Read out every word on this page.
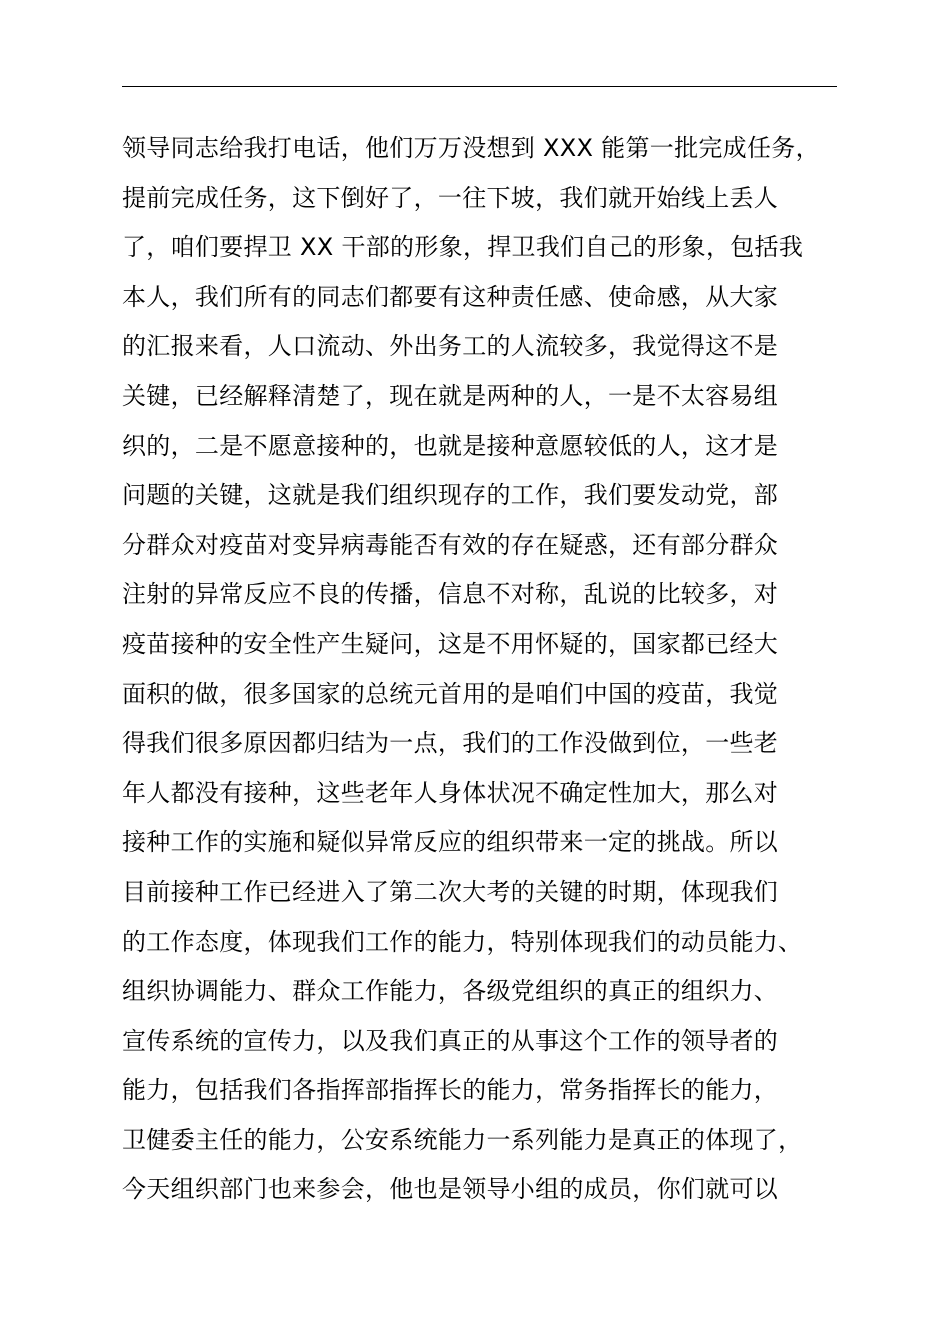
领导同志给我打电话，他们万万没想到 XXX 能第一批完成任务，
提前完成任务，这下倒好了，一往下坡，我们就开始线上丢人
了，咱们要捍卫 XX 干部的形象，捍卫我们自己的形象，包括我
本人，我们所有的同志们都要有这种责任感、使命感，从大家
的汇报来看，人口流动、外出务工的人流较多，我觉得这不是
关键，已经解释清楚了，现在就是两种的人，一是不太容易组
织的，二是不愿意接种的，也就是接种意愿较低的人，这才是
问题的关键，这就是我们组织现存的工作，我们要发动党，部
分群众对疫苗对变异病毒能否有效的存在疑惑，还有部分群众
注射的异常反应不良的传播，信息不对称，乱说的比较多，对
疫苗接种的安全性产生疑问，这是不用怀疑的，国家都已经大
面积的做，很多国家的总统元首用的是咱们中国的疫苗，我觉
得我们很多原因都归结为一点，我们的工作没做到位，一些老
年人都没有接种，这些老年人身体状况不确定性加大，那么对
接种工作的实施和疑似异常反应的组织带来一定的挑战。所以
目前接种工作已经进入了第二次大考的关键的时期，体现我们
的工作态度，体现我们工作的能力，特别体现我们的动员能力、
组织协调能力、群众工作能力，各级党组织的真正的组织力、
宣传系统的宣传力，以及我们真正的从事这个工作的领导者的
能力，包括我们各指挥部指挥长的能力，常务指挥长的能力，
卫健委主任的能力，公安系统能力一系列能力是真正的体现了，
今天组织部门也来参会，他也是领导小组的成员，你们就可以
